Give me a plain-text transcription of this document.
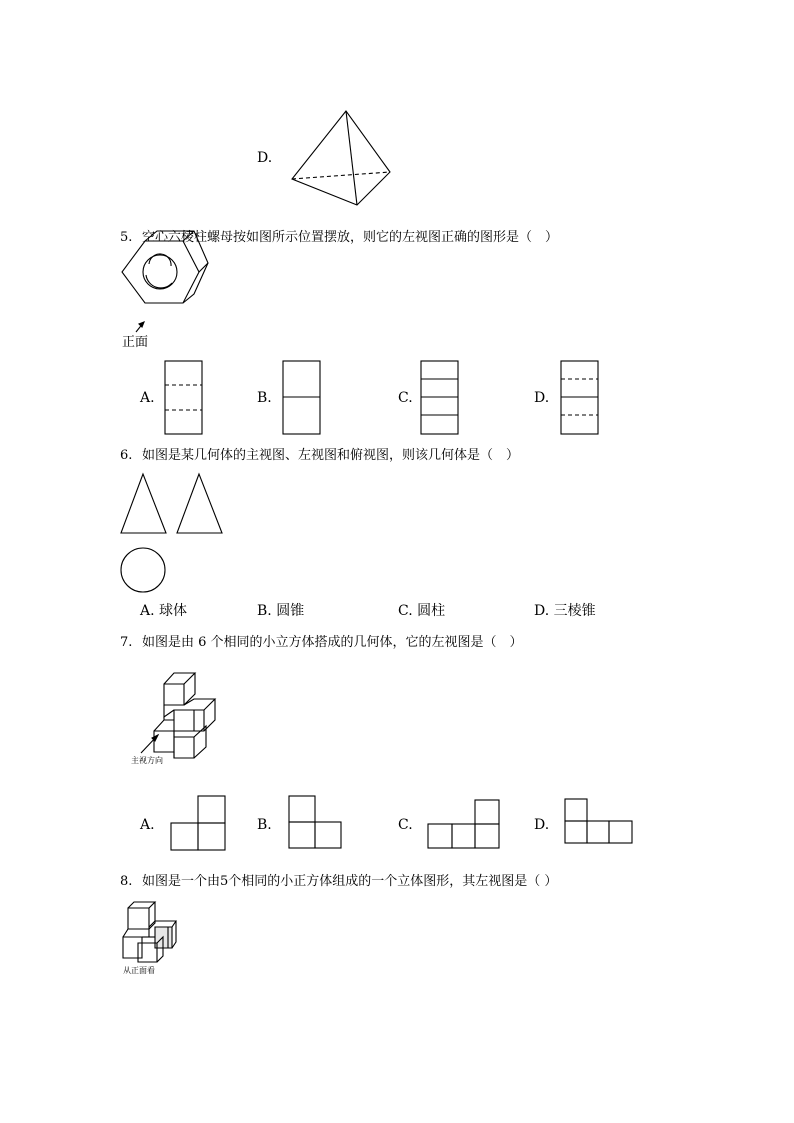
D.
5. 空心六棱柱螺母按如图所示位置摆放，则它的左视图正确的图形是（　）
正面
A.	B.	C.	D.
6. 如图是某几何体的主视图、左视图和俯视图，则该几何体是（　）
A. 球体	B. 圆锥	C. 圆柱	D. 三棱锥
7. 如图是由 6 个相同的小立方体搭成的几何体，它的左视图是（　）
主视方向
A.	B.	C.	D.
8. 如图是一个由5个相同的小正方体组成的一个立体图形，其左视图是（ ）
从正面看
